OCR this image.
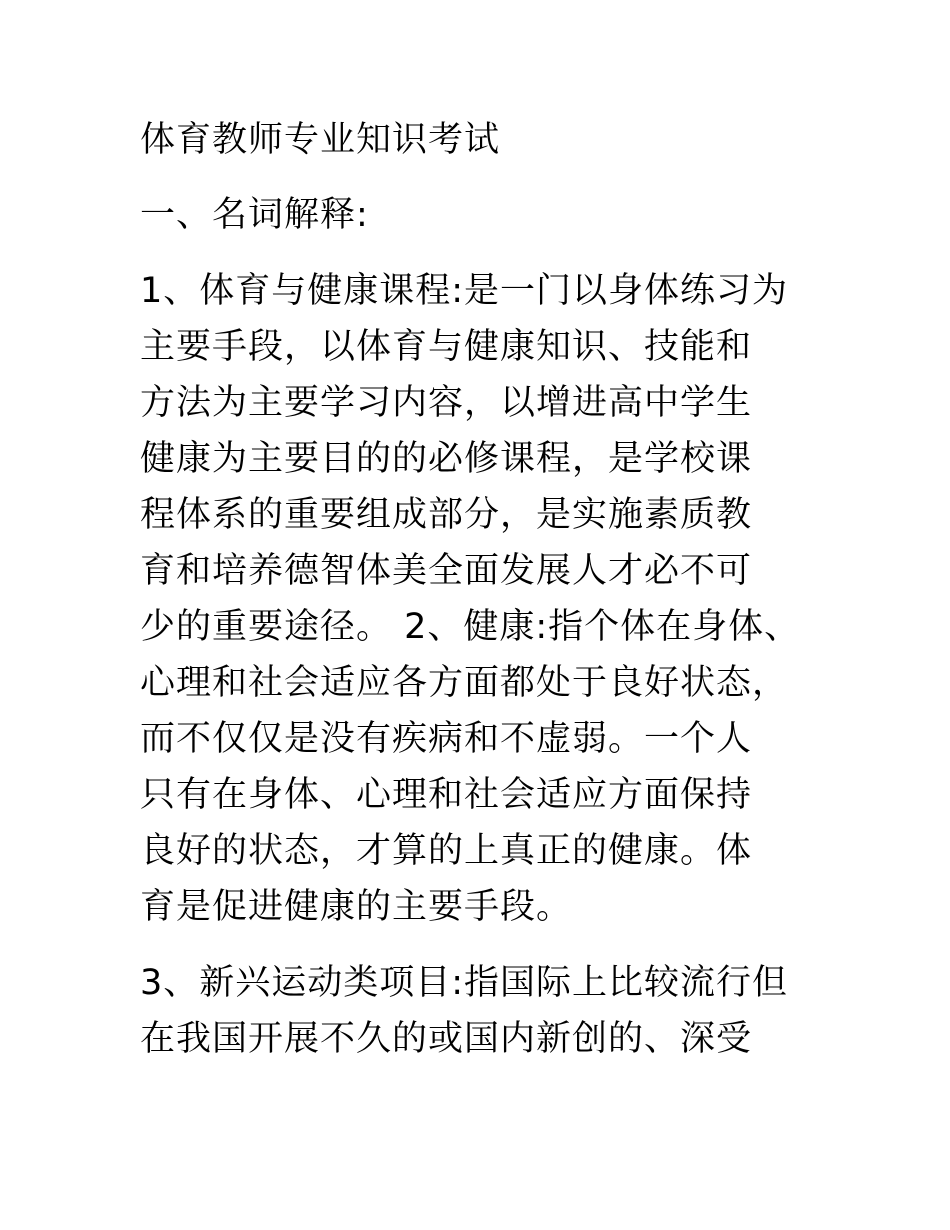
体育教师专业知识考试
一、名词解释:
1、体育与健康课程:是一门以身体练习为
主要手段，以体育与健康知识、技能和
方法为主要学习内容，以增进高中学生
健康为主要目的的必修课程，是学校课
程体系的重要组成部分，是实施素质教
育和培养德智体美全面发展人才必不可
少的重要途径。 2、健康:指个体在身体、
心理和社会适应各方面都处于良好状态，
而不仅仅是没有疾病和不虚弱。一个人
只有在身体、心理和社会适应方面保持
良好的状态，才算的上真正的健康。体
育是促进健康的主要手段。
3、新兴运动类项目:指国际上比较流行但
在我国开展不久的或国内新创的、深受
